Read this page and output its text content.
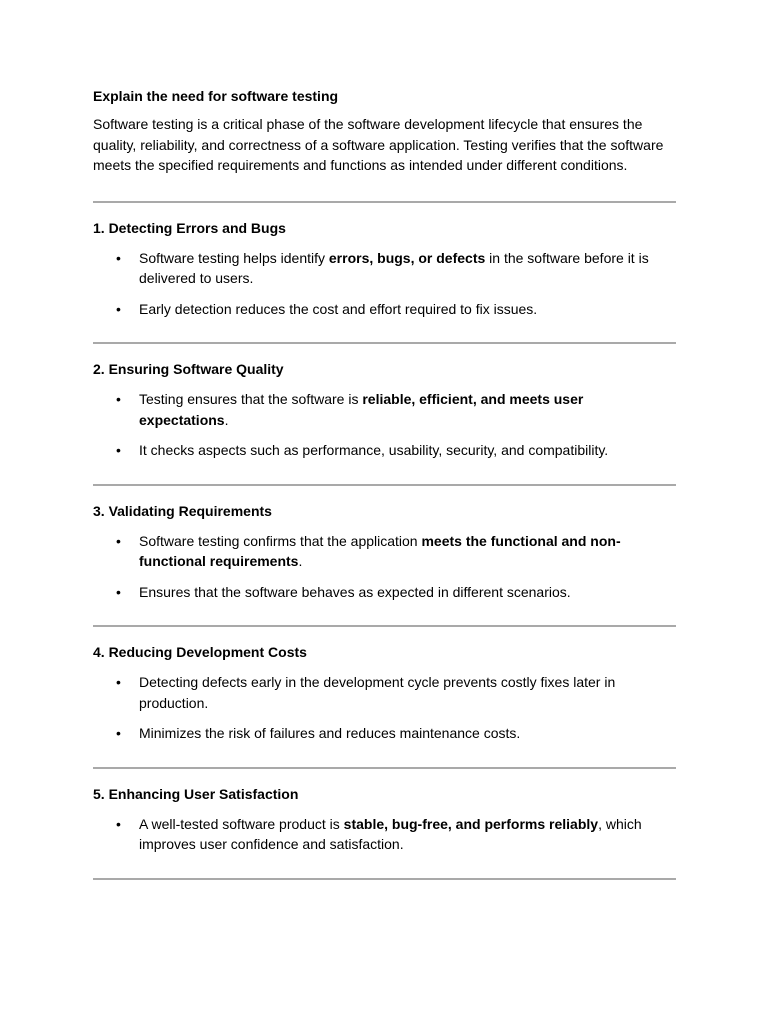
Explain the need for software testing
Software testing is a critical phase of the software development lifecycle that ensures the quality, reliability, and correctness of a software application. Testing verifies that the software meets the specified requirements and functions as intended under different conditions.
1. Detecting Errors and Bugs
• Software testing helps identify errors, bugs, or defects in the software before it is delivered to users.
• Early detection reduces the cost and effort required to fix issues.
2. Ensuring Software Quality
• Testing ensures that the software is reliable, efficient, and meets user expectations.
• It checks aspects such as performance, usability, security, and compatibility.
3. Validating Requirements
• Software testing confirms that the application meets the functional and non-functional requirements.
• Ensures that the software behaves as expected in different scenarios.
4. Reducing Development Costs
• Detecting defects early in the development cycle prevents costly fixes later in production.
• Minimizes the risk of failures and reduces maintenance costs.
5. Enhancing User Satisfaction
• A well-tested software product is stable, bug-free, and performs reliably, which improves user confidence and satisfaction.
